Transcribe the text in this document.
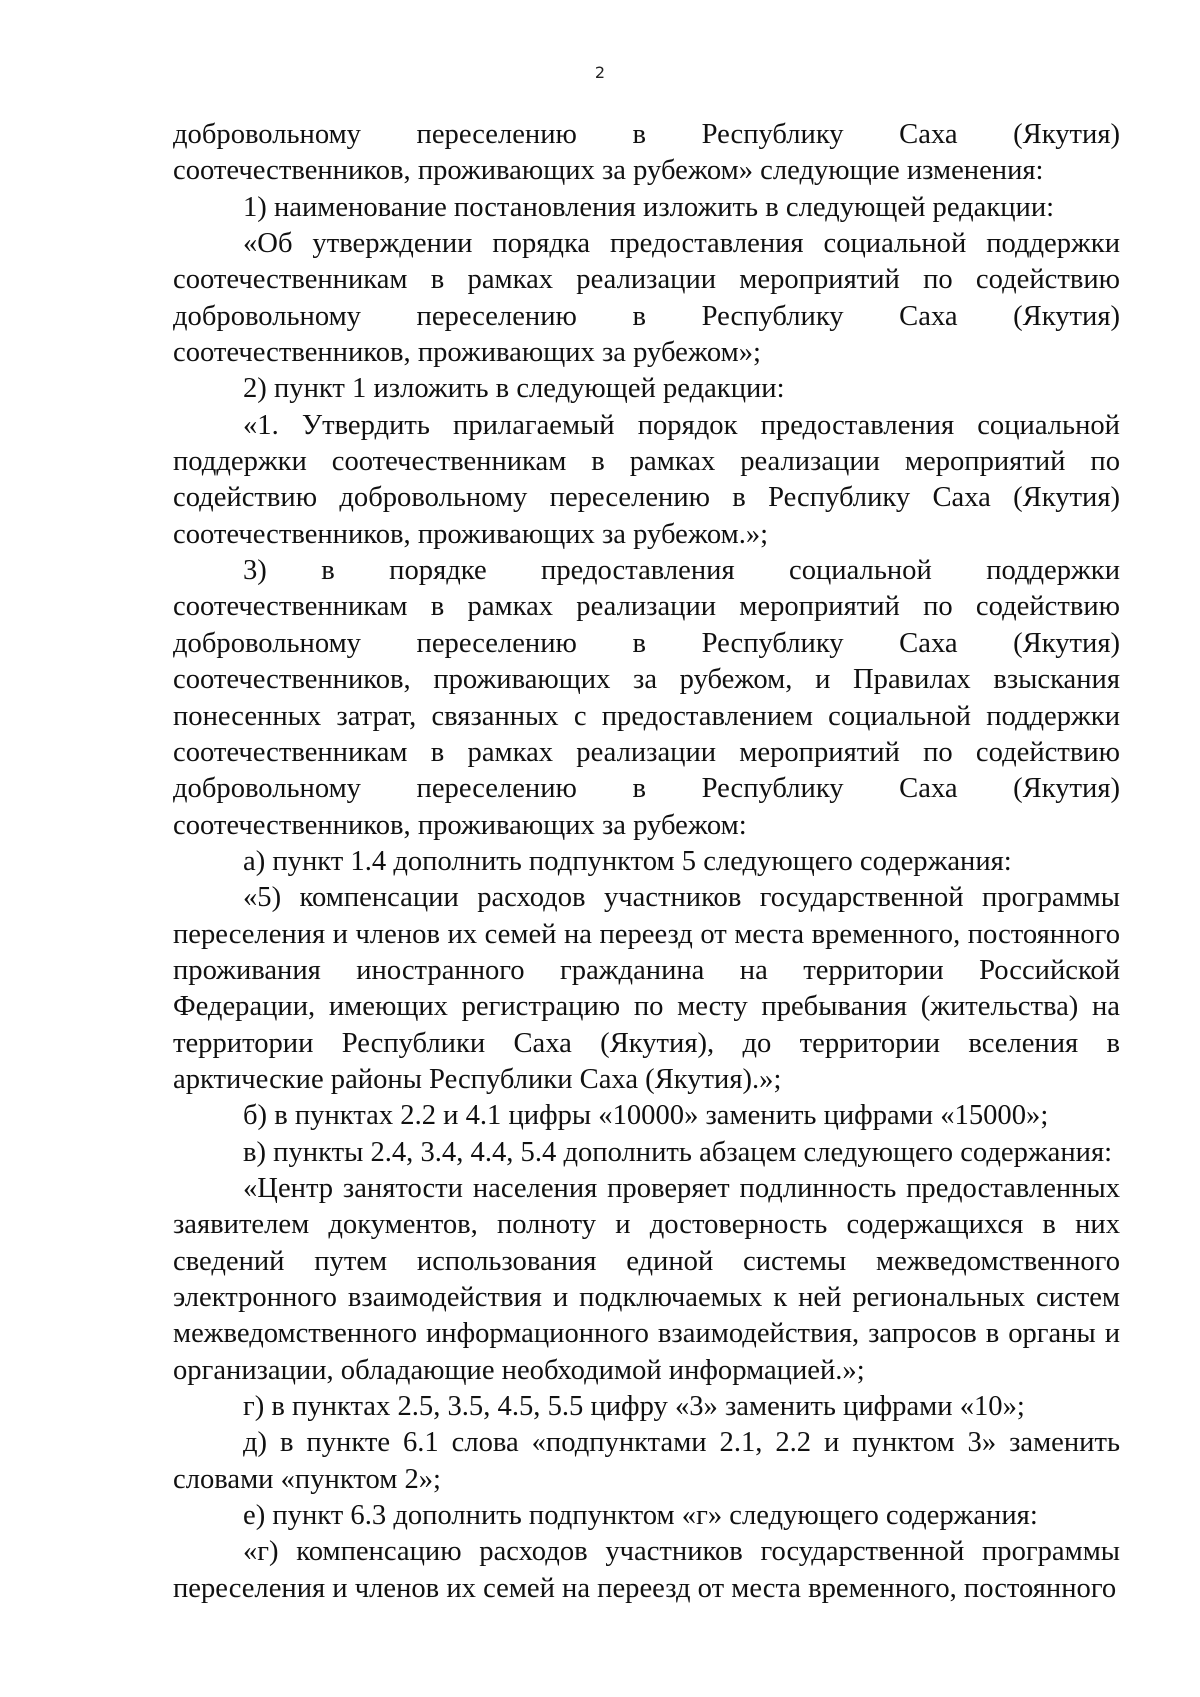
2

добровольному переселению в Республику Саха (Якутия) соотечественников, проживающих за рубежом» следующие изменения:

1) наименование постановления изложить в следующей редакции:

«Об утверждении порядка предоставления социальной поддержки соотечественникам в рамках реализации мероприятий по содействию добровольному переселению в Республику Саха (Якутия) соотечественников, проживающих за рубежом»;

2) пункт 1 изложить в следующей редакции:

«1. Утвердить прилагаемый порядок предоставления социальной поддержки соотечественникам в рамках реализации мероприятий по содействию добровольному переселению в Республику Саха (Якутия) соотечественников, проживающих за рубежом.»;

3) в порядке предоставления социальной поддержки соотечественникам в рамках реализации мероприятий по содействию добровольному переселению в Республику Саха (Якутия) соотечественников, проживающих за рубежом, и Правилах взыскания понесенных затрат, связанных с предоставлением социальной поддержки соотечественникам в рамках реализации мероприятий по содействию добровольному переселению в Республику Саха (Якутия) соотечественников, проживающих за рубежом:

а) пункт 1.4 дополнить подпунктом 5 следующего содержания:

«5) компенсации расходов участников государственной программы переселения и членов их семей на переезд от места временного, постоянного проживания иностранного гражданина на территории Российской Федерации, имеющих регистрацию по месту пребывания (жительства) на территории Республики Саха (Якутия), до территории вселения в арктические районы Республики Саха (Якутия).»;

б) в пунктах 2.2 и 4.1 цифры «10000» заменить цифрами «15000»;

в) пункты 2.4, 3.4, 4.4, 5.4 дополнить абзацем следующего содержания:

«Центр занятости населения проверяет подлинность предоставленных заявителем документов, полноту и достоверность содержащихся в них сведений путем использования единой системы межведомственного электронного взаимодействия и подключаемых к ней региональных систем межведомственного информационного взаимодействия, запросов в органы и организации, обладающие необходимой информацией.»;

г) в пунктах 2.5, 3.5, 4.5, 5.5 цифру «3» заменить цифрами «10»;

д) в пункте 6.1 слова «подпунктами 2.1, 2.2 и пунктом 3» заменить словами «пунктом 2»;

е) пункт 6.3 дополнить подпунктом «г» следующего содержания:

«г) компенсацию расходов участников государственной программы переселения и членов их семей на переезд от места временного, постоянного
